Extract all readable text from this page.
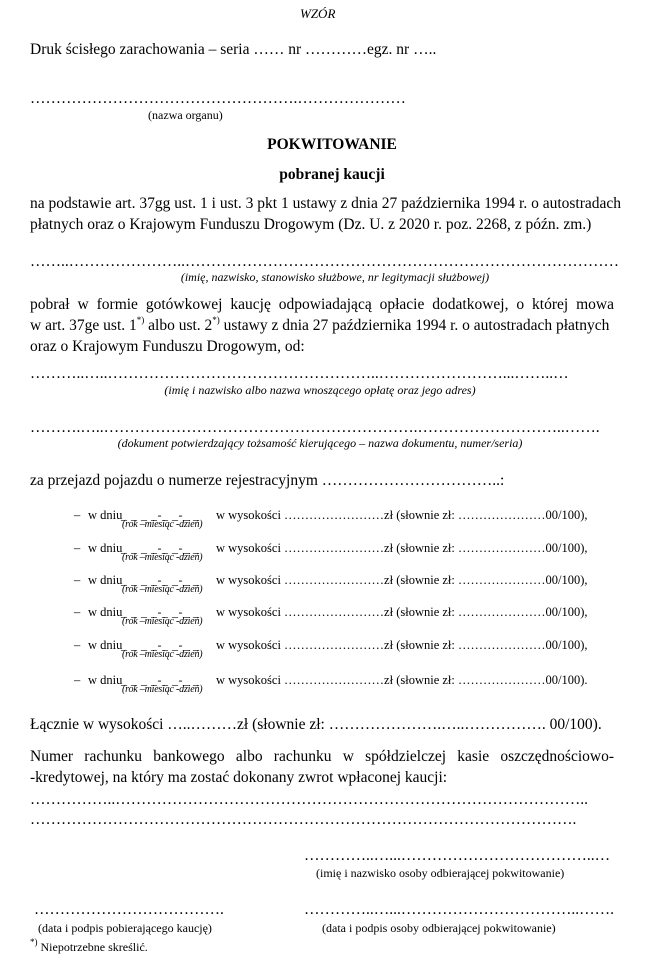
WZÓR
Druk ścisłego zarachowania – seria …… nr …………egz. nr …..
…………………………………………….…………………
(nazwa organu)
POKWITOWANIE
pobranej kaucji
na podstawie art. 37gg ust. 1 i ust. 3 pkt 1 ustawy z dnia 27 października 1994 r. o autostradach
płatnych oraz o Krajowym Funduszu Drogowym (Dz. U. z 2020 r. poz. 2268, z późn. zm.)
……..…………………..…………………………………………………………………………
(imię, nazwisko, stanowisko służbowe, nr legitymacji służbowej)
pobrał w formie gotówkowej kaucję odpowiadającą opłacie dodatkowej, o której mowa
w art. 37ge ust. 1*) albo ust. 2*) ustawy z dnia 27 października 1994 r. o autostradach płatnych
oraz o Krajowym Funduszu Drogowym, od:
………..…..……………………………………………..……………………...……..…
(imię i nazwisko albo nazwa wnoszącego opłatę oraz jego adres)
……….…..…………………………………………………….………………………..…….
(dokument potwierdzający tożsamość kierującego – nazwa dokumentu, numer/seria)
za przejazd pojazdu o numerze rejestracyjnym ……………………………..:
– w dniu
_ _ _ _-_ _-_ _
(rok –miesiąc -dzień)
w wysokości ……………………zł (słownie zł: …………………00/100),
– w dniu
_ _ _ _-_ _-_ _
(rok –miesiąc -dzień)
w wysokości ……………………zł (słownie zł: …………………00/100),
– w dniu
_ _ _ _-_ _-_ _
(rok –miesiąc -dzień)
w wysokości ……………………zł (słownie zł: …………………00/100),
– w dniu
_ _ _ _-_ _-_ _
(rok –miesiąc -dzień)
w wysokości ……………………zł (słownie zł: …………………00/100),
– w dniu
_ _ _ _-_ _-_ _
(rok –miesiąc -dzień)
w wysokości ……………………zł (słownie zł: …………………00/100),
– w dniu
_ _ _ _-_ _-_ _
(rok –miesiąc -dzień)
w wysokości ……………………zł (słownie zł: …………………00/100).
Łącznie w wysokości …..………zł (słownie zł: ………………….…..……………. 00/100).
Numer rachunku bankowego albo rachunku w spółdzielczej kasie oszczędnościowo-
-kredytowej, na który ma zostać dokonany zwrot wpłaconej kaucji:
……………..………………………………………………………………………………..
…………………………………………………………………………………………….
…………..…...………………………………..…
(imię i nazwisko osoby odbierającej pokwitowanie)
……………………………….
(data i podpis pobierającego kaucję)
…………..…...……………………………..…….
(data i podpis osoby odbierającej pokwitowanie)
*) Niepotrzebne skreślić.
